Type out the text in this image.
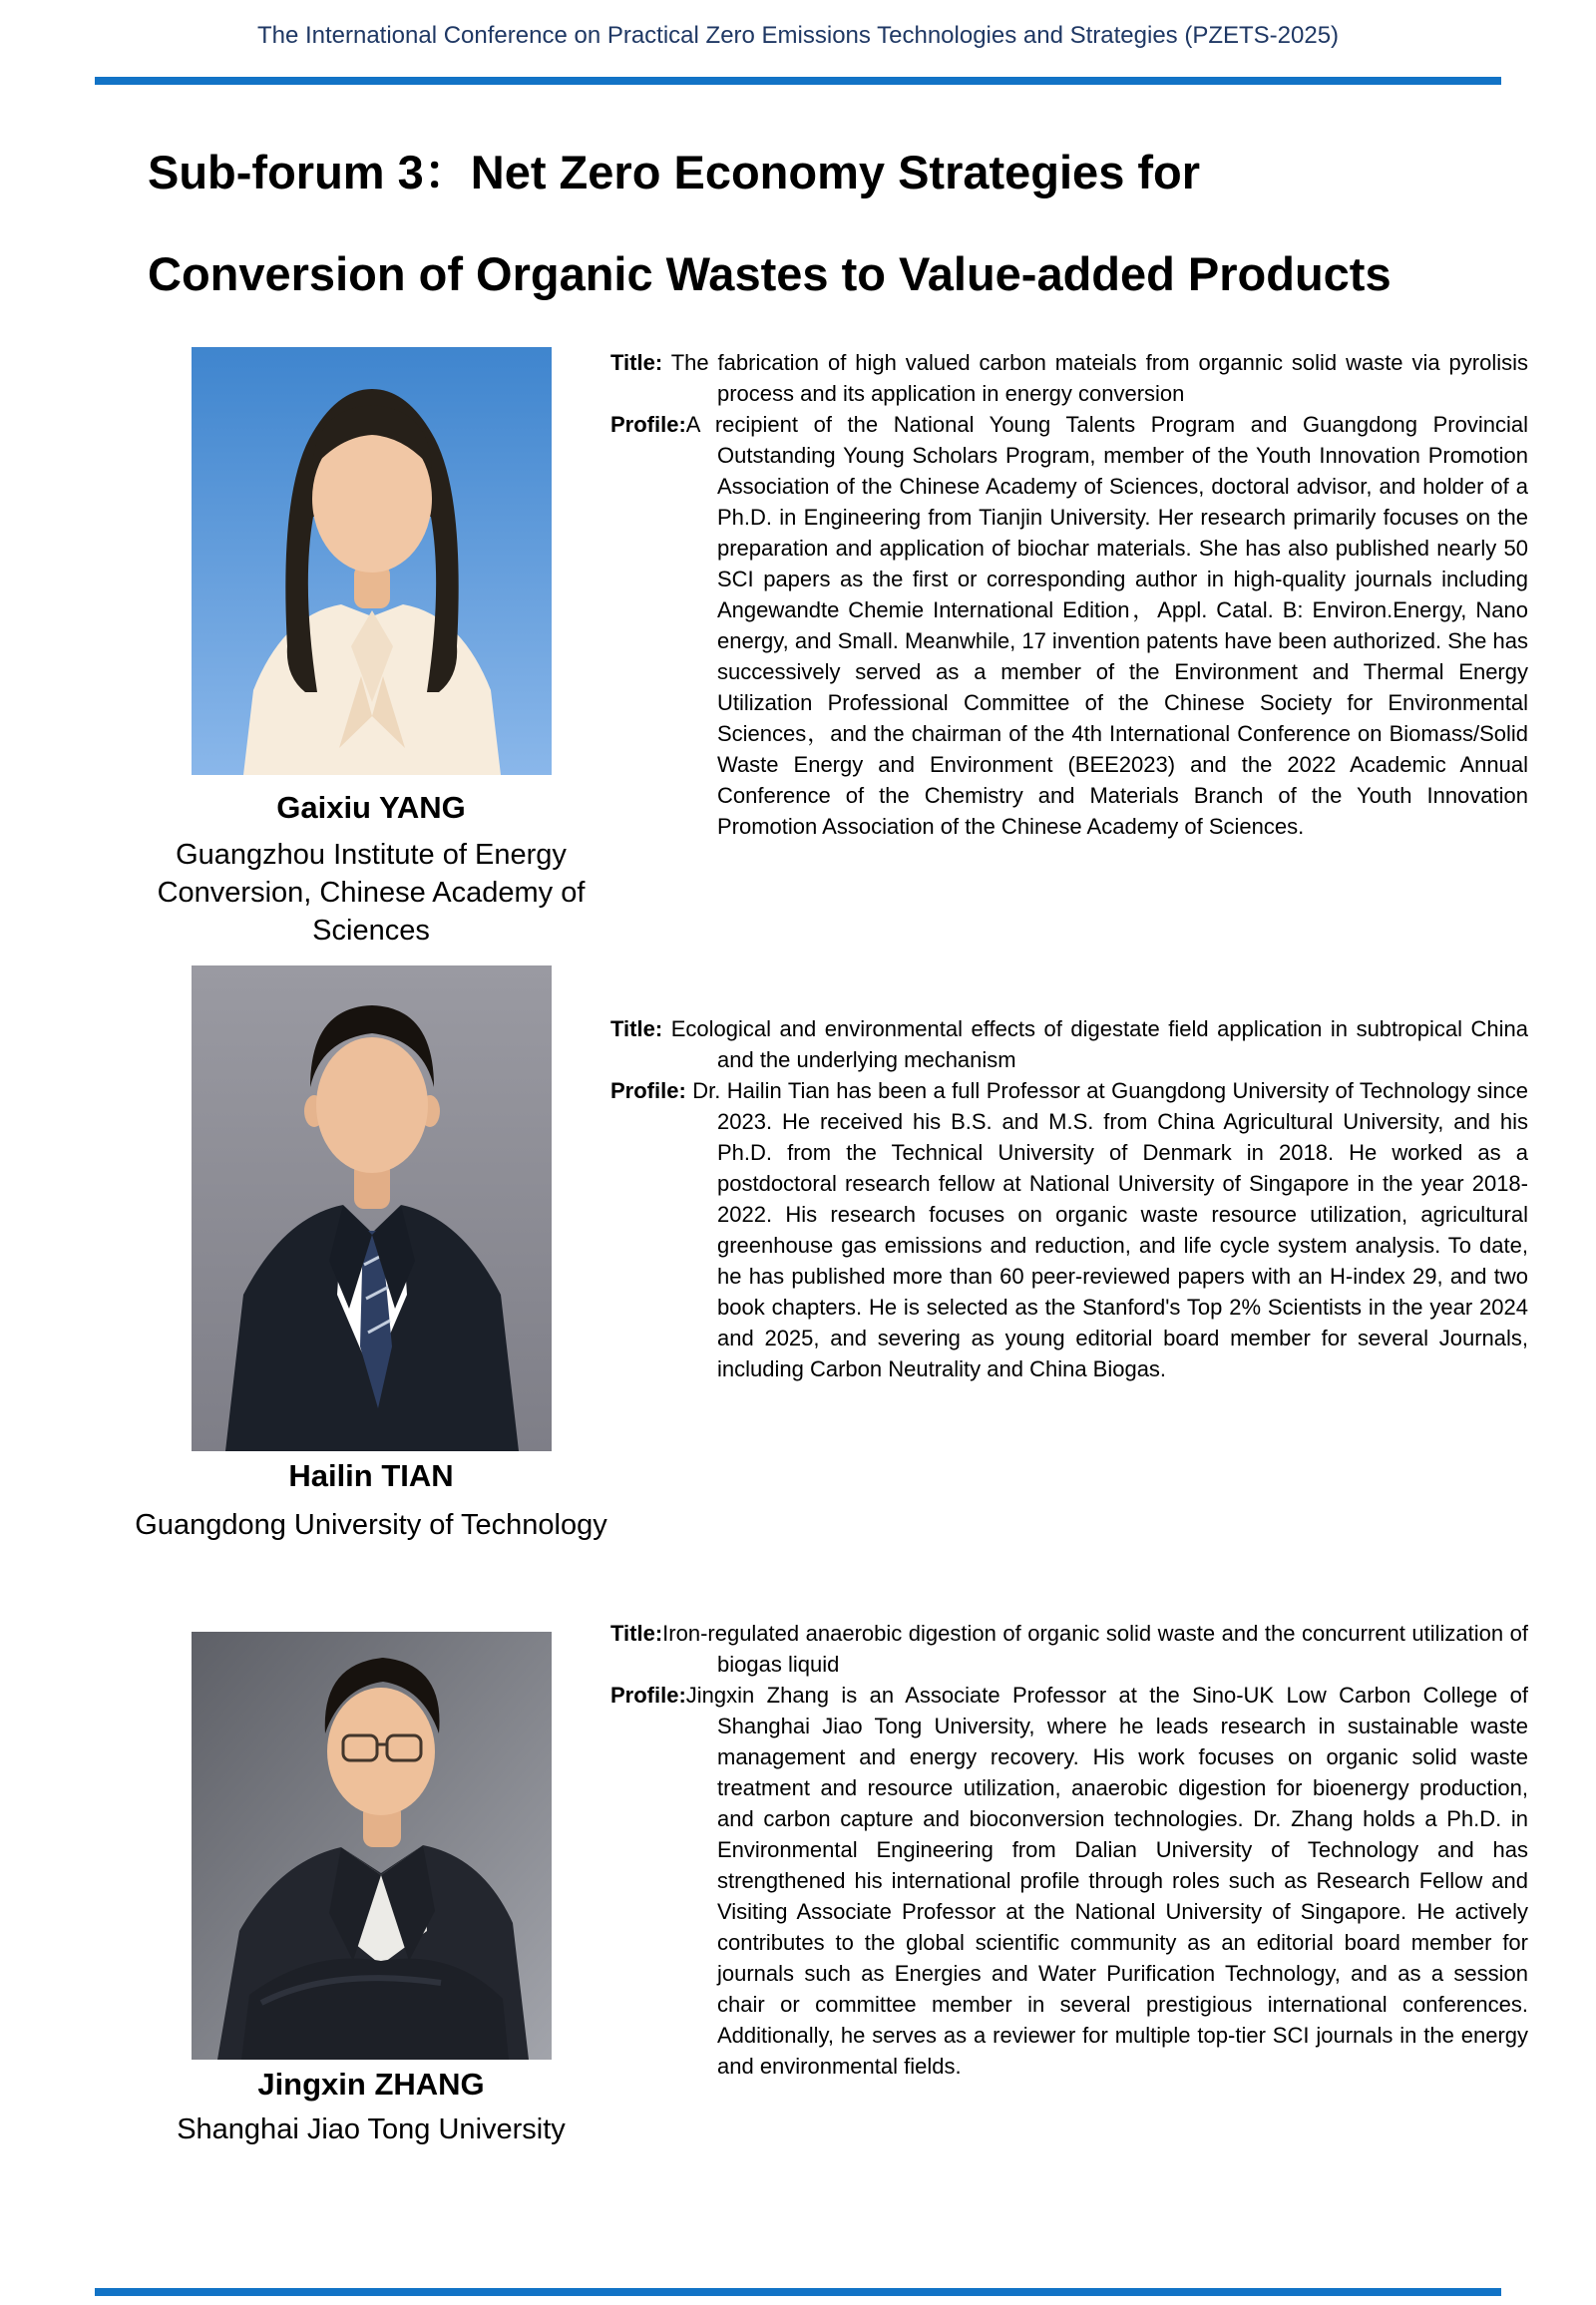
The International Conference on Practical Zero Emissions Technologies and Strategies (PZETS-2025)
Sub-forum 3：Net Zero Economy Strategies for
Conversion of Organic Wastes to Value-added Products
Gaixiu YANG
Guangzhou Institute of Energy Conversion, Chinese Academy of Sciences

Title: The fabrication of high valued carbon mateials from organnic solid waste via pyrolisis process and its application in energy conversion

Profile:A recipient of the National Young Talents Program and Guangdong Provincial Outstanding Young Scholars Program, member of the Youth Innovation Promotion Association of the Chinese Academy of Sciences, doctoral advisor, and holder of a Ph.D. in Engineering from Tianjin University. Her research primarily focuses on the preparation and application of biochar materials. She has also published nearly 50 SCI papers as the first or corresponding author in high-quality journals including Angewandte Chemie International Edition，Appl. Catal. B: Environ.Energy, Nano energy, and Small. Meanwhile, 17 invention patents have been authorized. She has successively served as a member of the Environment and Thermal Energy Utilization Professional Committee of the Chinese Society for Environmental Sciences，and the chairman of the 4th International Conference on Biomass/Solid Waste Energy and Environment (BEE2023) and the 2022 Academic Annual Conference of the Chemistry and Materials Branch of the Youth Innovation Promotion Association of the Chinese Academy of Sciences.

Hailin TIAN
Guangdong University of Technology

Title: Ecological and environmental effects of digestate field application in subtropical China and the underlying mechanism

Profile: Dr. Hailin Tian has been a full Professor at Guangdong University of Technology since 2023. He received his B.S. and M.S. from China Agricultural University, and his Ph.D. from the Technical University of Denmark in 2018. He worked as a postdoctoral research fellow at National University of Singapore in the year 2018-2022. His research focuses on organic waste resource utilization, agricultural greenhouse gas emissions and reduction, and life cycle system analysis. To date, he has published more than 60 peer-reviewed papers with an H-index 29, and two book chapters. He is selected as the Stanford's Top 2% Scientists in the year 2024 and 2025, and severing as young editorial board member for several Journals, including Carbon Neutrality and China Biogas.

Jingxin ZHANG
Shanghai Jiao Tong University

Title:Iron-regulated anaerobic digestion of organic solid waste and the concurrent utilization of biogas liquid

Profile:Jingxin Zhang is an Associate Professor at the Sino-UK Low Carbon College of Shanghai Jiao Tong University, where he leads research in sustainable waste management and energy recovery. His work focuses on organic solid waste treatment and resource utilization, anaerobic digestion for bioenergy production, and carbon capture and bioconversion technologies. Dr. Zhang holds a Ph.D. in Environmental Engineering from Dalian University of Technology and has strengthened his international profile through roles such as Research Fellow and Visiting Associate Professor at the National University of Singapore. He actively contributes to the global scientific community as an editorial board member for journals such as Energies and Water Purification Technology, and as a session chair or committee member in several prestigious international conferences. Additionally, he serves as a reviewer for multiple top-tier SCI journals in the energy and environmental fields.
